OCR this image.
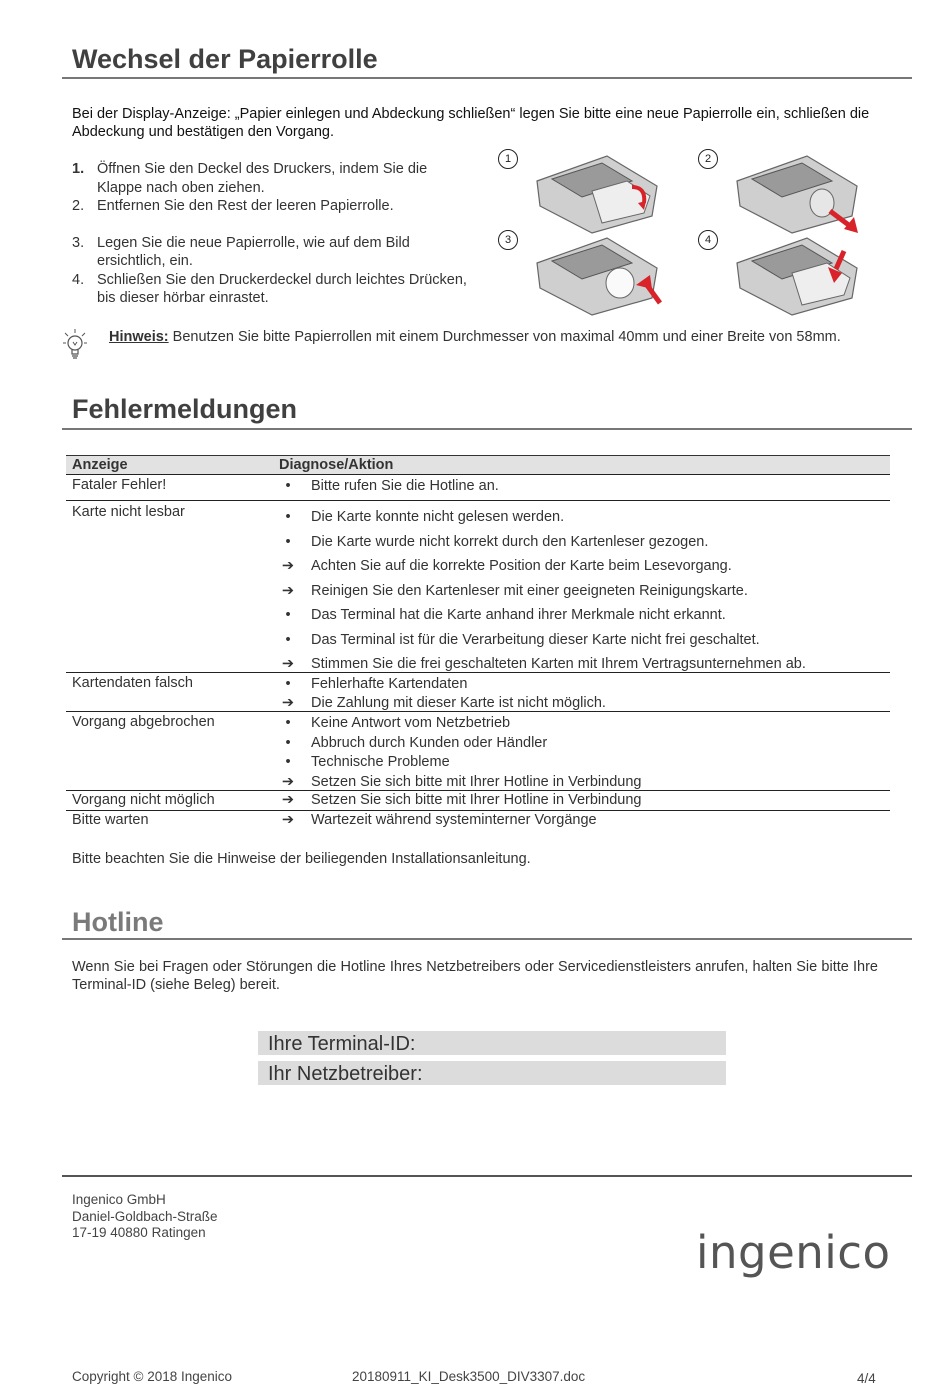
Wechsel der Papierrolle
Bei der Display-Anzeige: „Papier einlegen und Abdeckung schließen“ legen Sie bitte eine neue Papierrolle ein, schließen die Abdeckung und bestätigen den Vorgang.
1. Öffnen Sie den Deckel des Druckers, indem Sie die Klappe nach oben ziehen.
2. Entfernen Sie den Rest der leeren Papierrolle.
3. Legen Sie die neue Papierrolle, wie auf dem Bild ersichtlich, ein.
4. Schließen Sie den Druckerdeckel durch leichtes Drücken, bis dieser hörbar einrastet.
1	2
3	4
Hinweis: Benutzen Sie bitte Papierrollen mit einem Durchmesser von maximal 40mm und einer Breite von 58mm.
Fehlermeldungen
Anzeige	Diagnose/Aktion
Fataler Fehler!	•	Bitte rufen Sie die Hotline an.
Karte nicht lesbar	•	Die Karte konnte nicht gelesen werden.
•	Die Karte wurde nicht korrekt durch den Kartenleser gezogen.
➔ Achten Sie auf die korrekte Position der Karte beim Lesevorgang.
➔ Reinigen Sie den Kartenleser mit einer geeigneten Reinigungskarte.
•	Das Terminal hat die Karte anhand ihrer Merkmale nicht erkannt.
•	Das Terminal ist für die Verarbeitung dieser Karte nicht frei geschaltet.
➔ Stimmen Sie die frei geschalteten Karten mit Ihrem Vertragsunternehmen ab.
Kartendaten falsch	•	Fehlerhafte Kartendaten
➔ Die Zahlung mit dieser Karte ist nicht möglich.
Vorgang abgebrochen	•	Keine Antwort vom Netzbetrieb
•	Abbruch durch Kunden oder Händler
•	Technische Probleme
➔ Setzen Sie sich bitte mit Ihrer Hotline in Verbindung
Vorgang nicht möglich	➔ Setzen Sie sich bitte mit Ihrer Hotline in Verbindung
Bitte warten	➔ Wartezeit während systeminterner Vorgänge
Bitte beachten Sie die Hinweise der beiliegenden Installationsanleitung.
Hotline
Wenn Sie bei Fragen oder Störungen die Hotline Ihres Netzbetreibers oder Servicedienstleisters anrufen, halten Sie bitte Ihre Terminal-ID (siehe Beleg) bereit.
Ihre Terminal-ID:
Ihr Netzbetreiber:
Ingenico GmbH
Daniel-Goldbach-Straße
17-19 40880 Ratingen	ingenico
Copyright © 2018 Ingenico	20180911_KI_Desk3500_DIV3307.doc	4/4
